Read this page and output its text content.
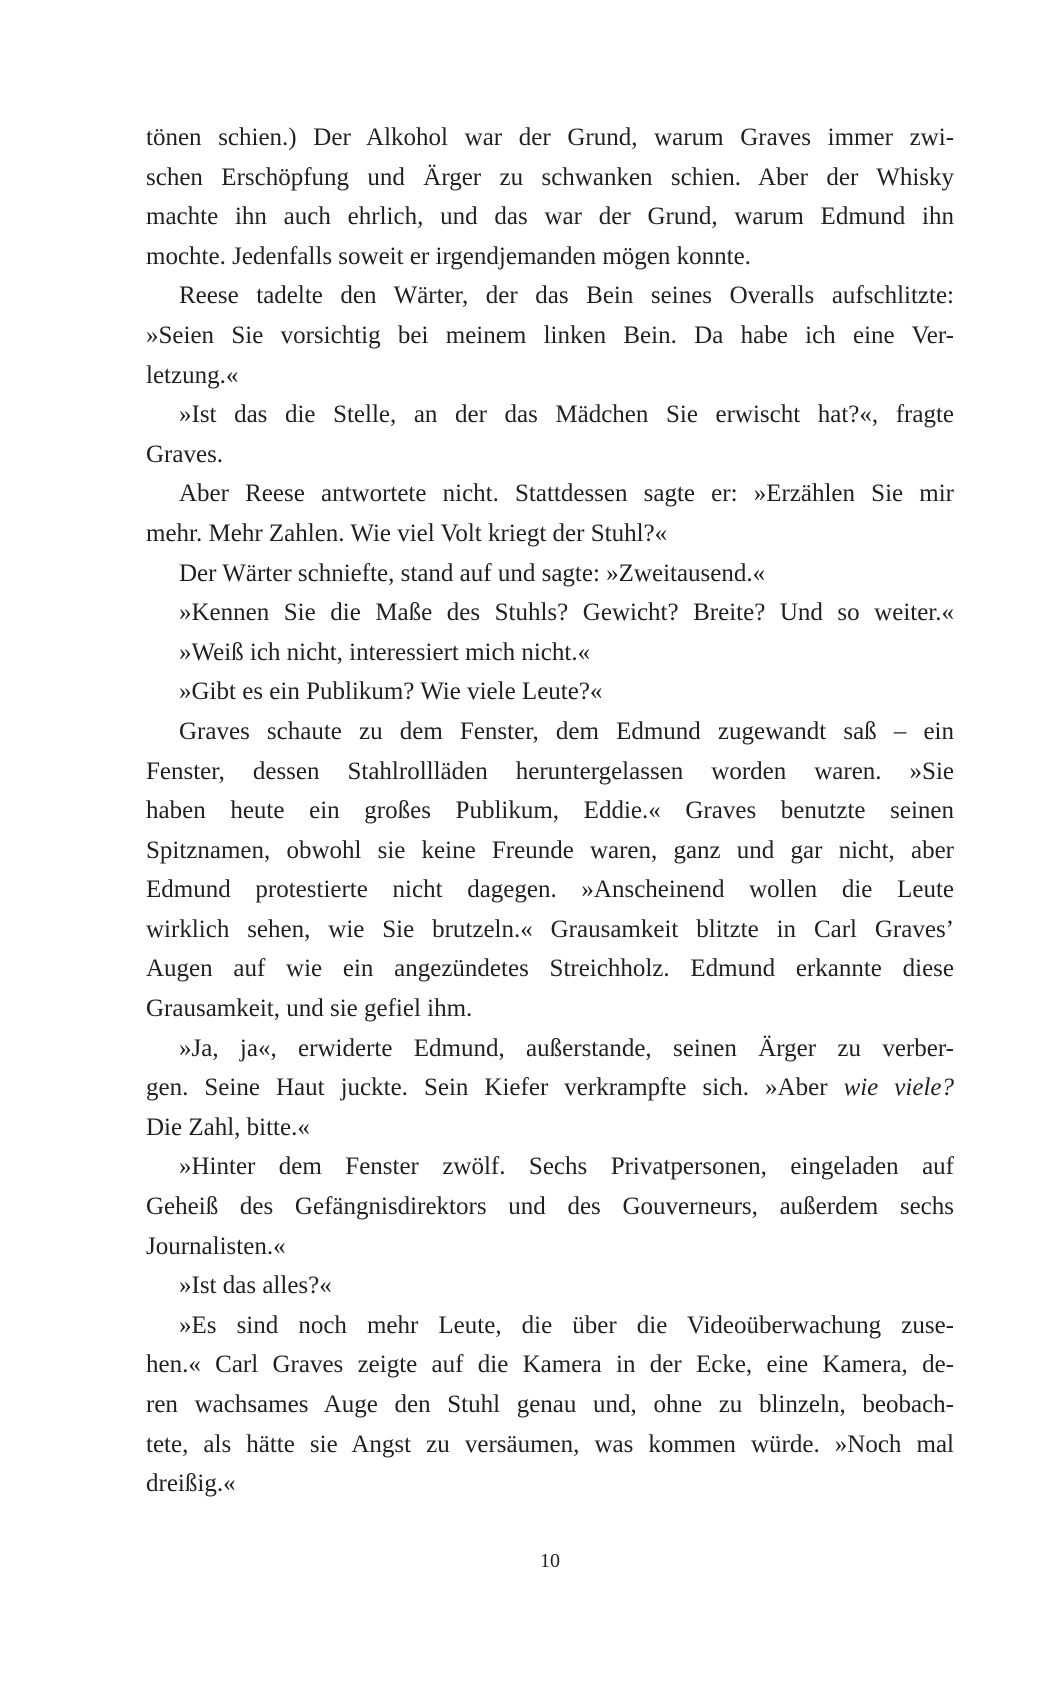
tönen schien.) Der Alkohol war der Grund, warum Graves immer zwi-
schen Erschöpfung und Ärger zu schwanken schien. Aber der Whisky
machte ihn auch ehrlich, und das war der Grund, warum Edmund ihn
mochte. Jedenfalls soweit er irgendjemanden mögen konnte.
Reese tadelte den Wärter, der das Bein seines Overalls aufschlitzte:
»Seien Sie vorsichtig bei meinem linken Bein. Da habe ich eine Ver-
letzung.«
»Ist das die Stelle, an der das Mädchen Sie erwischt hat?«, fragte
Graves.
Aber Reese antwortete nicht. Stattdessen sagte er: »Erzählen Sie mir
mehr. Mehr Zahlen. Wie viel Volt kriegt der Stuhl?«
Der Wärter schniefte, stand auf und sagte: »Zweitausend.«
»Kennen Sie die Maße des Stuhls? Gewicht? Breite? Und so weiter.«
»Weiß ich nicht, interessiert mich nicht.«
»Gibt es ein Publikum? Wie viele Leute?«
Graves schaute zu dem Fenster, dem Edmund zugewandt saß – ein
Fenster, dessen Stahlrollläden heruntergelassen worden waren. »Sie
haben heute ein großes Publikum, Eddie.« Graves benutzte seinen
Spitznamen, obwohl sie keine Freunde waren, ganz und gar nicht, aber
Edmund protestierte nicht dagegen. »Anscheinend wollen die Leute
wirklich sehen, wie Sie brutzeln.« Grausamkeit blitzte in Carl Graves’
Augen auf wie ein angezündetes Streichholz. Edmund erkannte diese
Grausamkeit, und sie gefiel ihm.
»Ja, ja«, erwiderte Edmund, außerstande, seinen Ärger zu verber-
gen. Seine Haut juckte. Sein Kiefer verkrampfte sich. »Aber wie viele?
Die Zahl, bitte.«
»Hinter dem Fenster zwölf. Sechs Privatpersonen, eingeladen auf
Geheiß des Gefängnisdirektors und des Gouverneurs, außerdem sechs
Journalisten.«
»Ist das alles?«
»Es sind noch mehr Leute, die über die Videoüberwachung zuse-
hen.« Carl Graves zeigte auf die Kamera in der Ecke, eine Kamera, de-
ren wachsames Auge den Stuhl genau und, ohne zu blinzeln, beobach-
tete, als hätte sie Angst zu versäumen, was kommen würde. »Noch mal
dreißig.«
10
